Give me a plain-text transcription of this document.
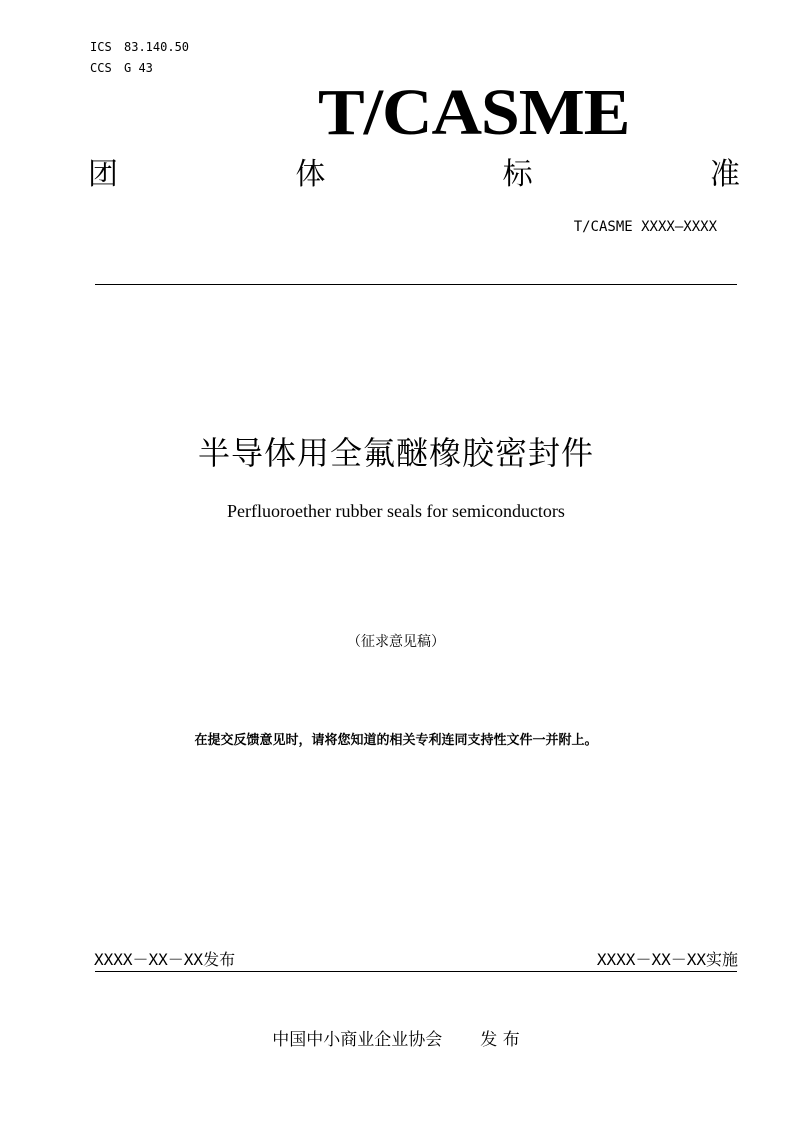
ICS 83.140.50
CCS G 43
T/CASME
团	体	标	准
T/CASME XXXX—XXXX
半导体用全氟醚橡胶密封件
Perfluoroether rubber seals for semiconductors
（征求意见稿）
在提交反馈意见时，请将您知道的相关专利连同支持性文件一并附上。
XXXX－XX－XX发布	XXXX－XX－XX实施
中国中小商业企业协会 发 布
